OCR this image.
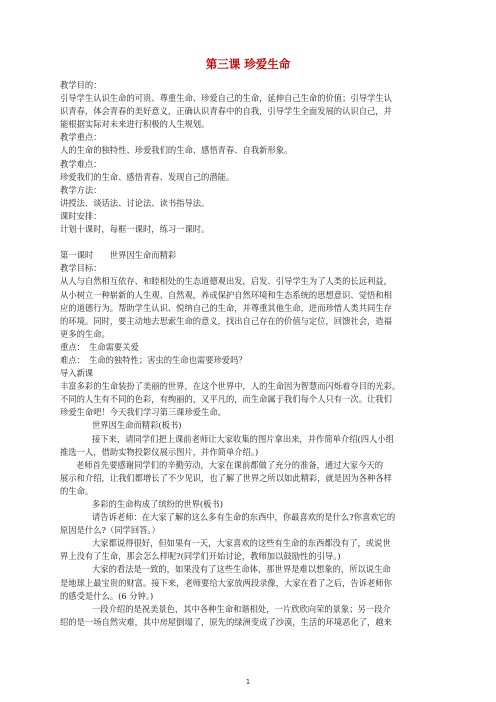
第三课 珍爱生命
教学目的：
引导学生认识生命的可贵、尊重生命、珍爱自己的生命，延伸自己生命的价值；引导学生认
识青春，体会青春的美好意义，正确认识青春中的自我，引导学生全面发展的认识自己，并
能根据实际对未来进行积极的人生规划。
教学重点：
人的生命的独特性、珍爱我们的生命、感悟青春、自我新形象。
教学难点：
珍爱我们的生命、感悟青春、发现自己的潜能。
教学方法：
讲授法、谈话法、讨论法、读书指导法。
课时安排：
计划十课时，每框一课时，练习一课时。
第一课时　　世界因生命而精彩
教学目标：
从人与自然相互依存、和睦相处的生态道德观出发，启发、引导学生为了人类的长远利益，
从小树立一种崭新的人生观、自然观，养成保护自然环境和生态系统的思想意识、觉悟和相
应的道德行为。帮助学生认识、悦纳自己的生命，并尊重其他生命，进而珍惜人类共同生存
的环境。同时，要主动地去思索生命的意义，找出自己存在的价值与定位，回馈社会，造福
更多的生命。
重点：　生命需要关爱
难点：　生命的独特性；害虫的生命也需要珍爱吗？
导入新课
丰富多彩的生命装扮了美丽的世界，在这个世界中，人的生命因为智慧而闪烁着夺目的光彩。
不同的人生有不同的色彩，有绚丽的，又平凡的，而生命属于我们每个人只有一次。让我们
珍爱生命吧！今天我们学习第三课珍爱生命。
世界因生命而精彩(板书)
接下来，请同学们把上课前老师让大家收集的图片拿出来，并作简单介绍(四人小组
推选一人，借助实物投影仪展示图片，并作简单介绍。)
老师首先要感谢同学们的辛勤劳动，大家在课前都做了充分的准备，通过大家今天的
展示和介绍，让我们都增长了不少见识，也了解了世界之所以如此精彩，就是因为各种各样
的生命。
多彩的生命构成了缤纷的世界(板书)
请告诉老师：在大家了解的这么多有生命的东西中，你最喜欢的是什么?你喜欢它的
原因是什么?（同学回答。）
大家都说得很好，但如果有一天，大家喜欢的这些有生命的东西都没有了，或说世
界上没有了生命，那会怎么样呢?(同学们开始讨论，教师加以鼓励性的引导。)
大家的看法是一致的，如果没有了这些生命体，那世界是难以想象的，所以说生命
是地球上最宝贵的财富。接下来，老师要给大家放两段录像，大家在看了之后，告诉老师你
的感受是什么。(6 分钟。)
一段介绍的是祝美景色，其中各种生命和谐相处，一片欣欣向荣的景象；另一段介
绍的是一场自然灾难，其中房屋倒塌了，原先的绿洲变成了沙漠，生活的环境恶化了，越来
1
